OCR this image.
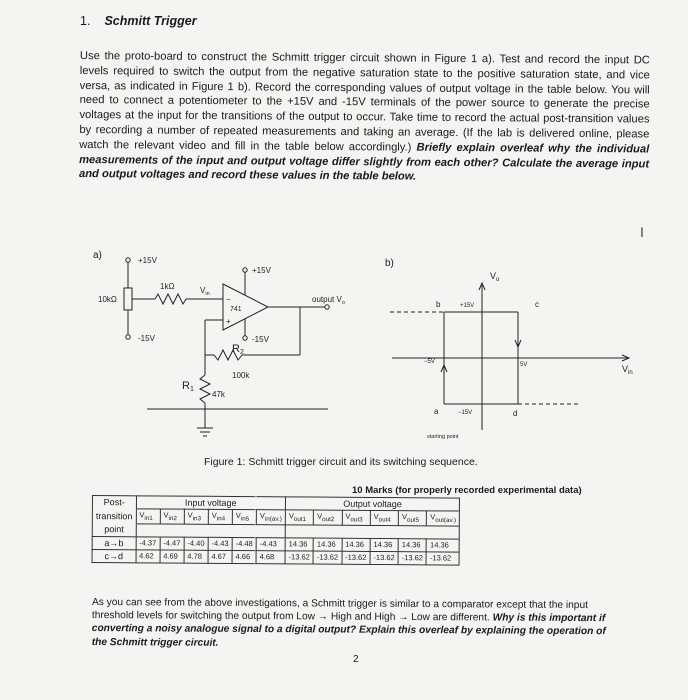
1. Schmitt Trigger
Use the proto-board to construct the Schmitt trigger circuit shown in Figure 1 a). Test and record the input DC levels required to switch the output from the negative saturation state to the positive saturation state, and vice versa, as indicated in Figure 1 b). Record the corresponding values of output voltage in the table below. You will need to connect a potentiometer to the +15V and -15V terminals of the power source to generate the precise voltages at the input for the transitions of the output to occur. Take time to record the actual post-transition values by recording a number of repeated measurements and taking an average. (If the lab is delivered online, please watch the relevant video and fill in the table below accordingly.) Briefly explain overleaf why the individual measurements of the input and output voltage differ slightly from each other? Calculate the average input and output voltages and record these values in the table below.
I
+15V
10kΩ
1kΩ	$V_{in}$
-15V
+15V
741
−
+
output $V_o$
-15V
R2
100k
R1
47k
$V_o$
b	+15V	c
−5V	5V	$V_{in}$
a	−15V	d
starting point
a)
b)
Figure 1: Schmitt trigger circuit and its switching sequence.
10 Marks (for properly recorded experimental data)
Post-	Input voltage						Output voltage					
transition	$V_{in1}$	$V_{in2}$	$V_{in3}$	$V_{in4}$	$V_{in5}$	$V_{in(av.)}$	$V_{out1}$	$V_{out2}$	$V_{out3}$	$V_{out4}$	$V_{out5}$	$V_{out(av.)}$
point												
a→b	-4.37	-4.47	-4.40	-4.43	-4.48	-4.43	14.36	14.36	14.36	14.36	14.36	14.36
c→d	4.62	4.69	4.78	4.67	4.66	4.68	-13.62	-13.62	-13.62	-13.62	-13.62	-13.62
As you can see from the above investigations, a Schmitt trigger is similar to a comparator except that the input threshold levels for switching the output from Low → High and High → Low are different. Why is this important if converting a noisy analogue signal to a digital output? Explain this overleaf by explaining the operation of the Schmitt trigger circuit.
2
